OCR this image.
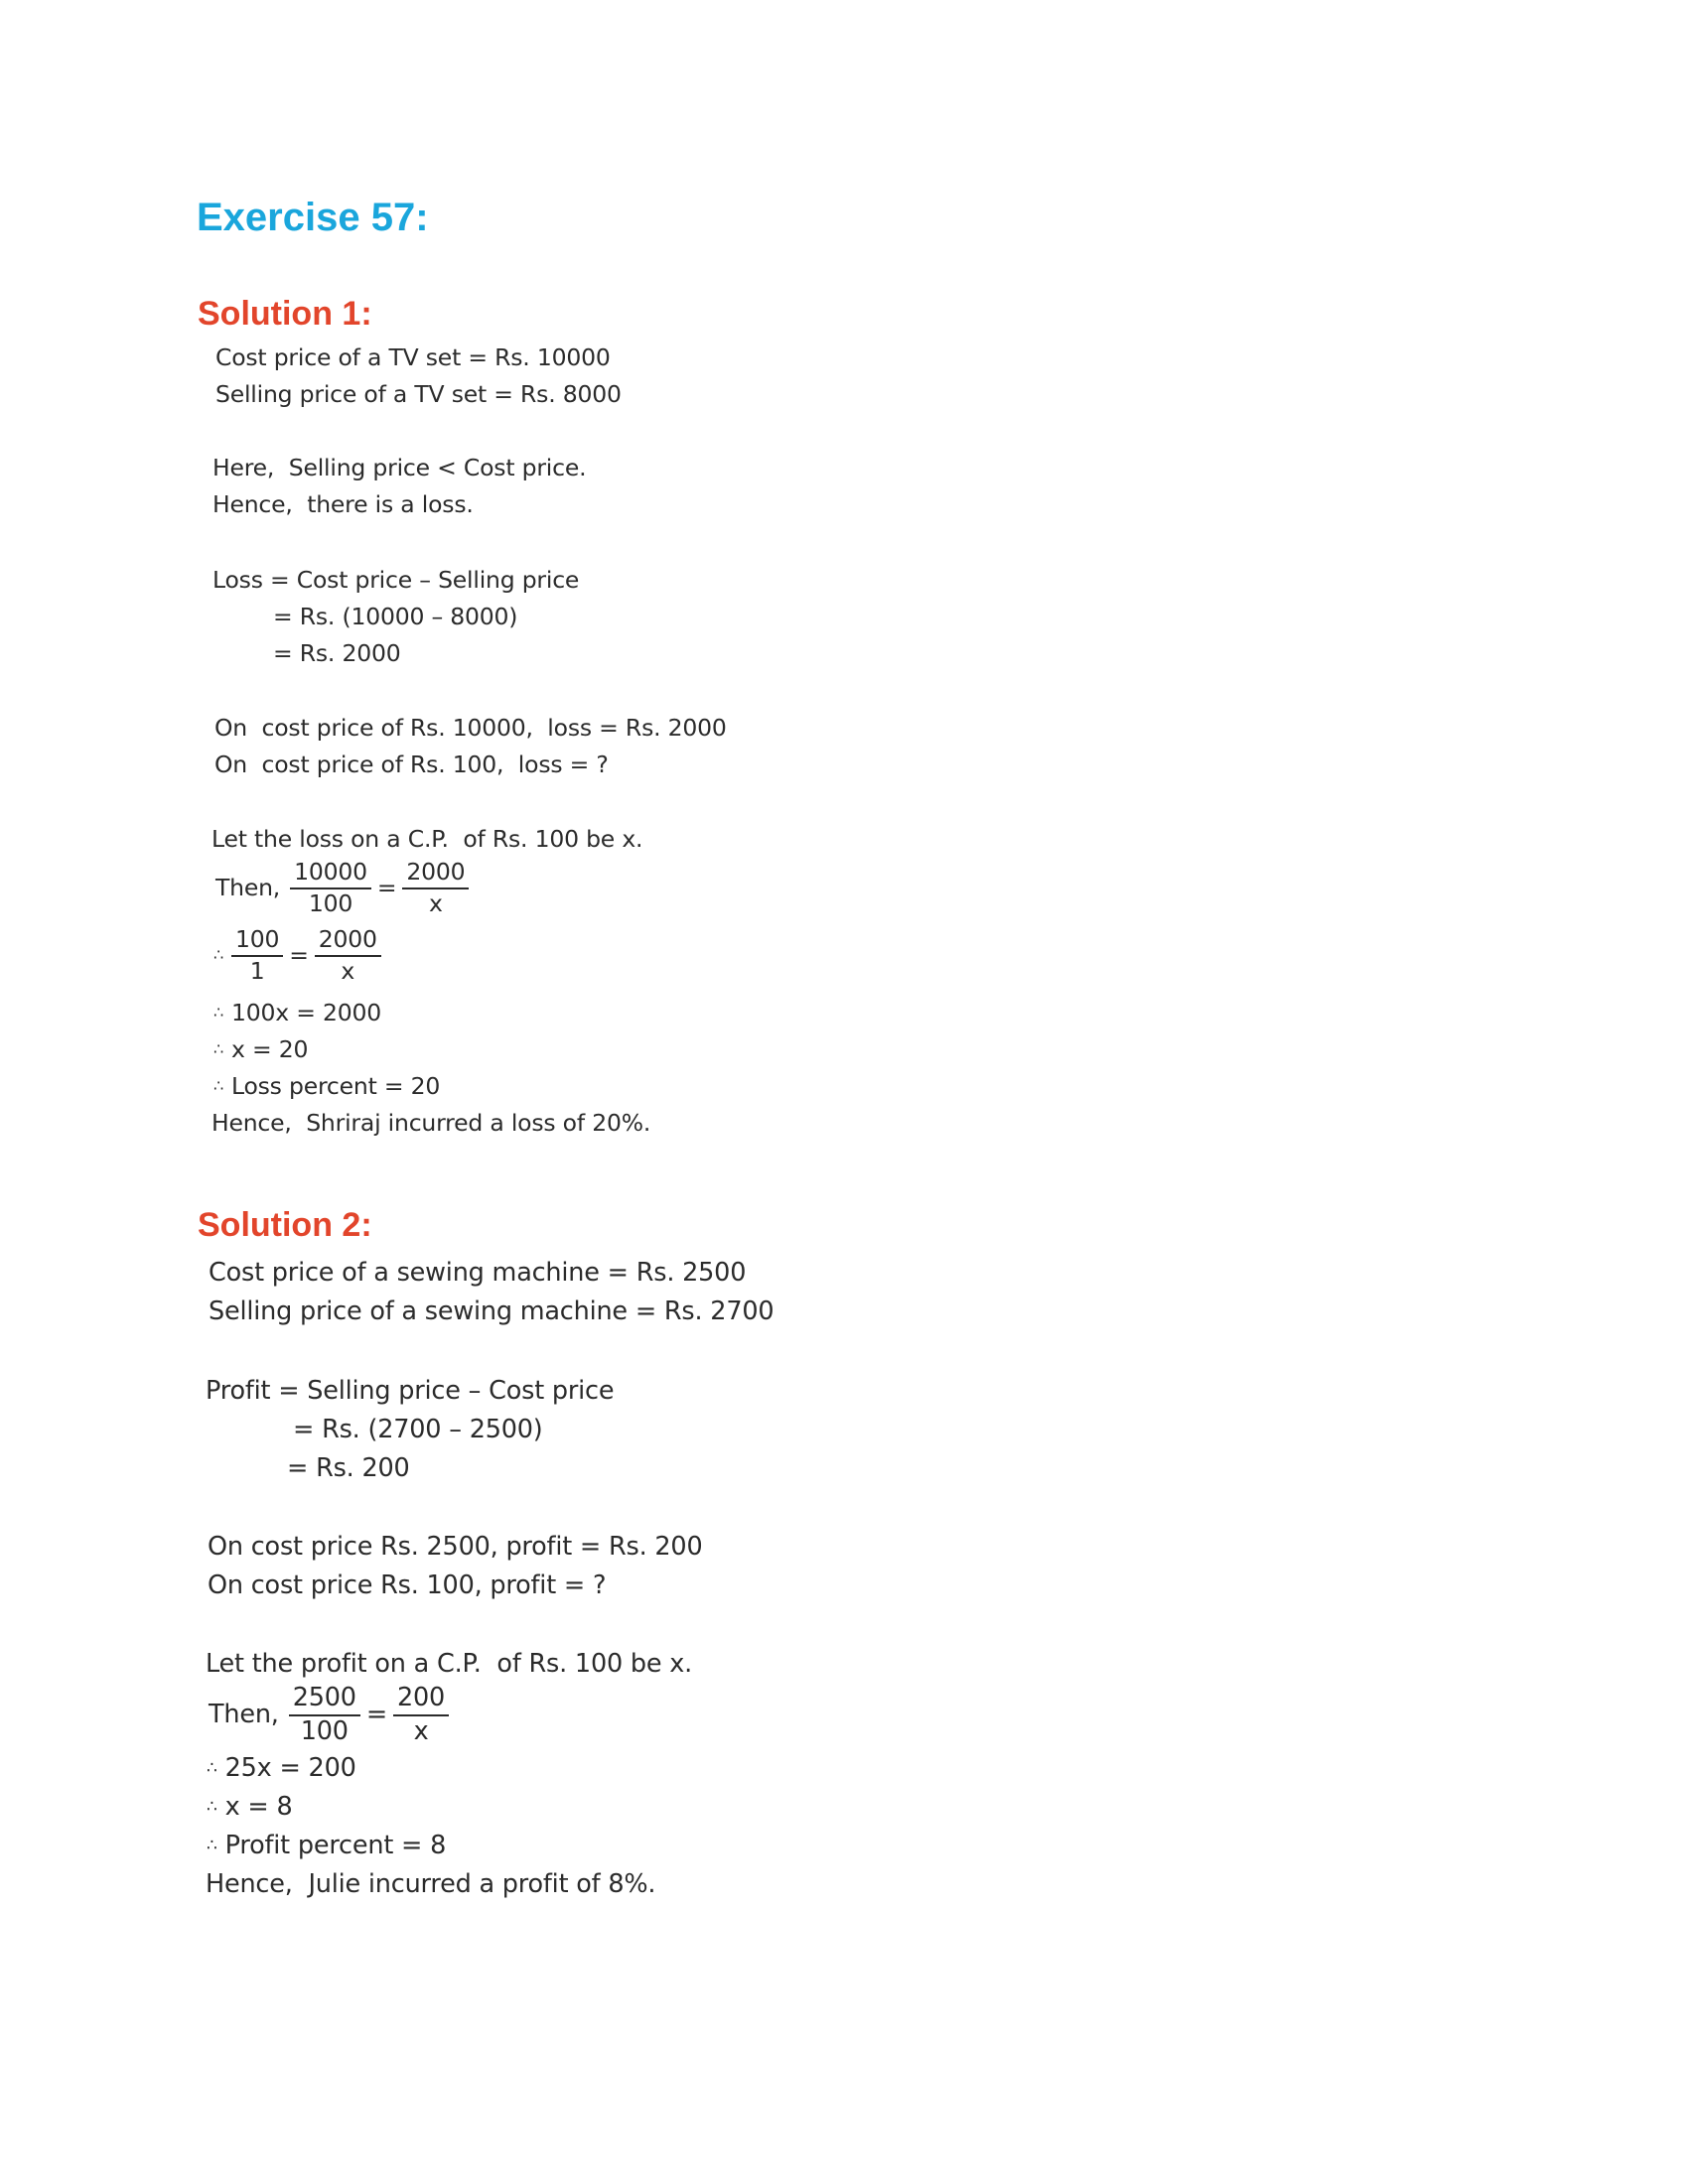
Exercise 57:
Solution 1:
Cost price of a TV set = Rs. 10000
Selling price of a TV set = Rs. 8000
Here,  Selling price < Cost price.
Hence,  there is a loss.
Loss = Cost price – Selling price
= Rs. (10000 – 8000)
= Rs. 2000
On  cost price of Rs. 10000,  loss = Rs. 2000
On  cost price of Rs. 100,  loss = ?
Let the loss on a C.P.  of Rs. 100 be x.
Then, $\frac{10000}{100} = \frac{2000}{x}$
∴ $\frac{100}{1} = \frac{2000}{x}$
∴ 100x = 2000
∴ x = 20
∴ Loss percent = 20
Hence,  Shriraj incurred a loss of 20%.
Solution 2:
Cost price of a sewing machine = Rs. 2500
Selling price of a sewing machine = Rs. 2700
Profit = Selling price – Cost price
= Rs. (2700 – 2500)
= Rs. 200
On cost price Rs. 2500, profit = Rs. 200
On cost price Rs. 100, profit = ?
Let the profit on a C.P.  of Rs. 100 be x.
Then, $\frac{2500}{100} = \frac{200}{x}$
∴ 25x = 200
∴ x = 8
∴ Profit percent = 8
Hence,  Julie incurred a profit of 8%.
